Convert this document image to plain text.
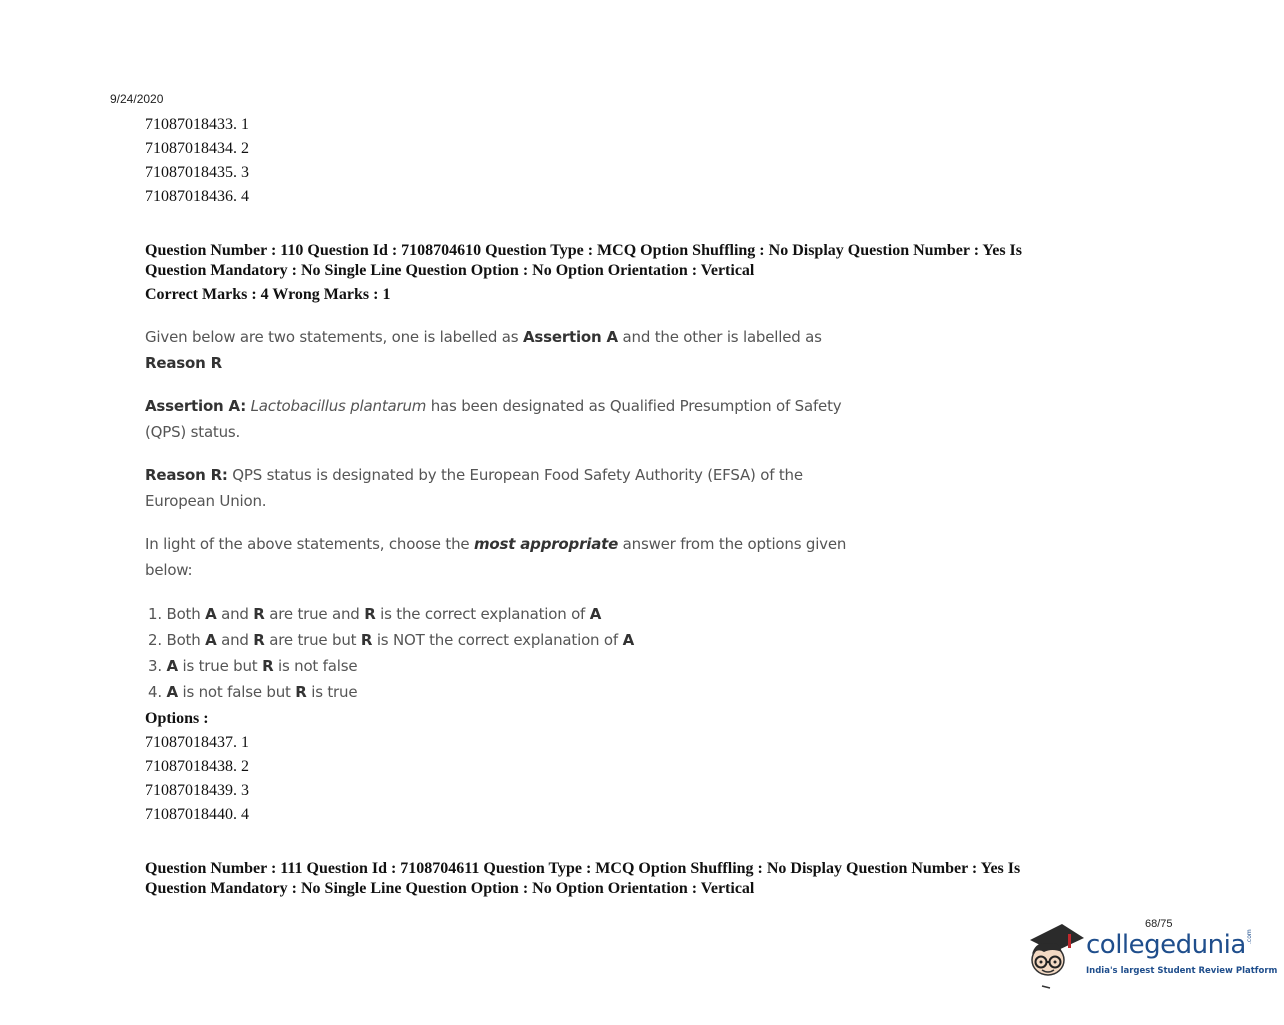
9/24/2020
71087018433. 1
71087018434. 2
71087018435. 3
71087018436. 4
Question Number : 110 Question Id : 7108704610 Question Type : MCQ Option Shuffling : No Display Question Number : Yes Is
Question Mandatory : No Single Line Question Option : No Option Orientation : Vertical
Correct Marks : 4 Wrong Marks : 1
Given below are two statements, one is labelled as Assertion A and the other is labelled as
Reason R
Assertion A: Lactobacillus plantarum has been designated as Qualified Presumption of Safety
(QPS) status.
Reason R: QPS status is designated by the European Food Safety Authority (EFSA) of the
European Union.
In light of the above statements, choose the most appropriate answer from the options given
below:
1. Both A and R are true and R is the correct explanation of A
2. Both A and R are true but R is NOT the correct explanation of A
3. A is true but R is not false
4. A is not false but R is true
Options :
71087018437. 1
71087018438. 2
71087018439. 3
71087018440. 4
Question Number : 111 Question Id : 7108704611 Question Type : MCQ Option Shuffling : No Display Question Number : Yes Is
Question Mandatory : No Single Line Question Option : No Option Orientation : Vertical
68/75
collegedunia .com
India's largest Student Review Platform
